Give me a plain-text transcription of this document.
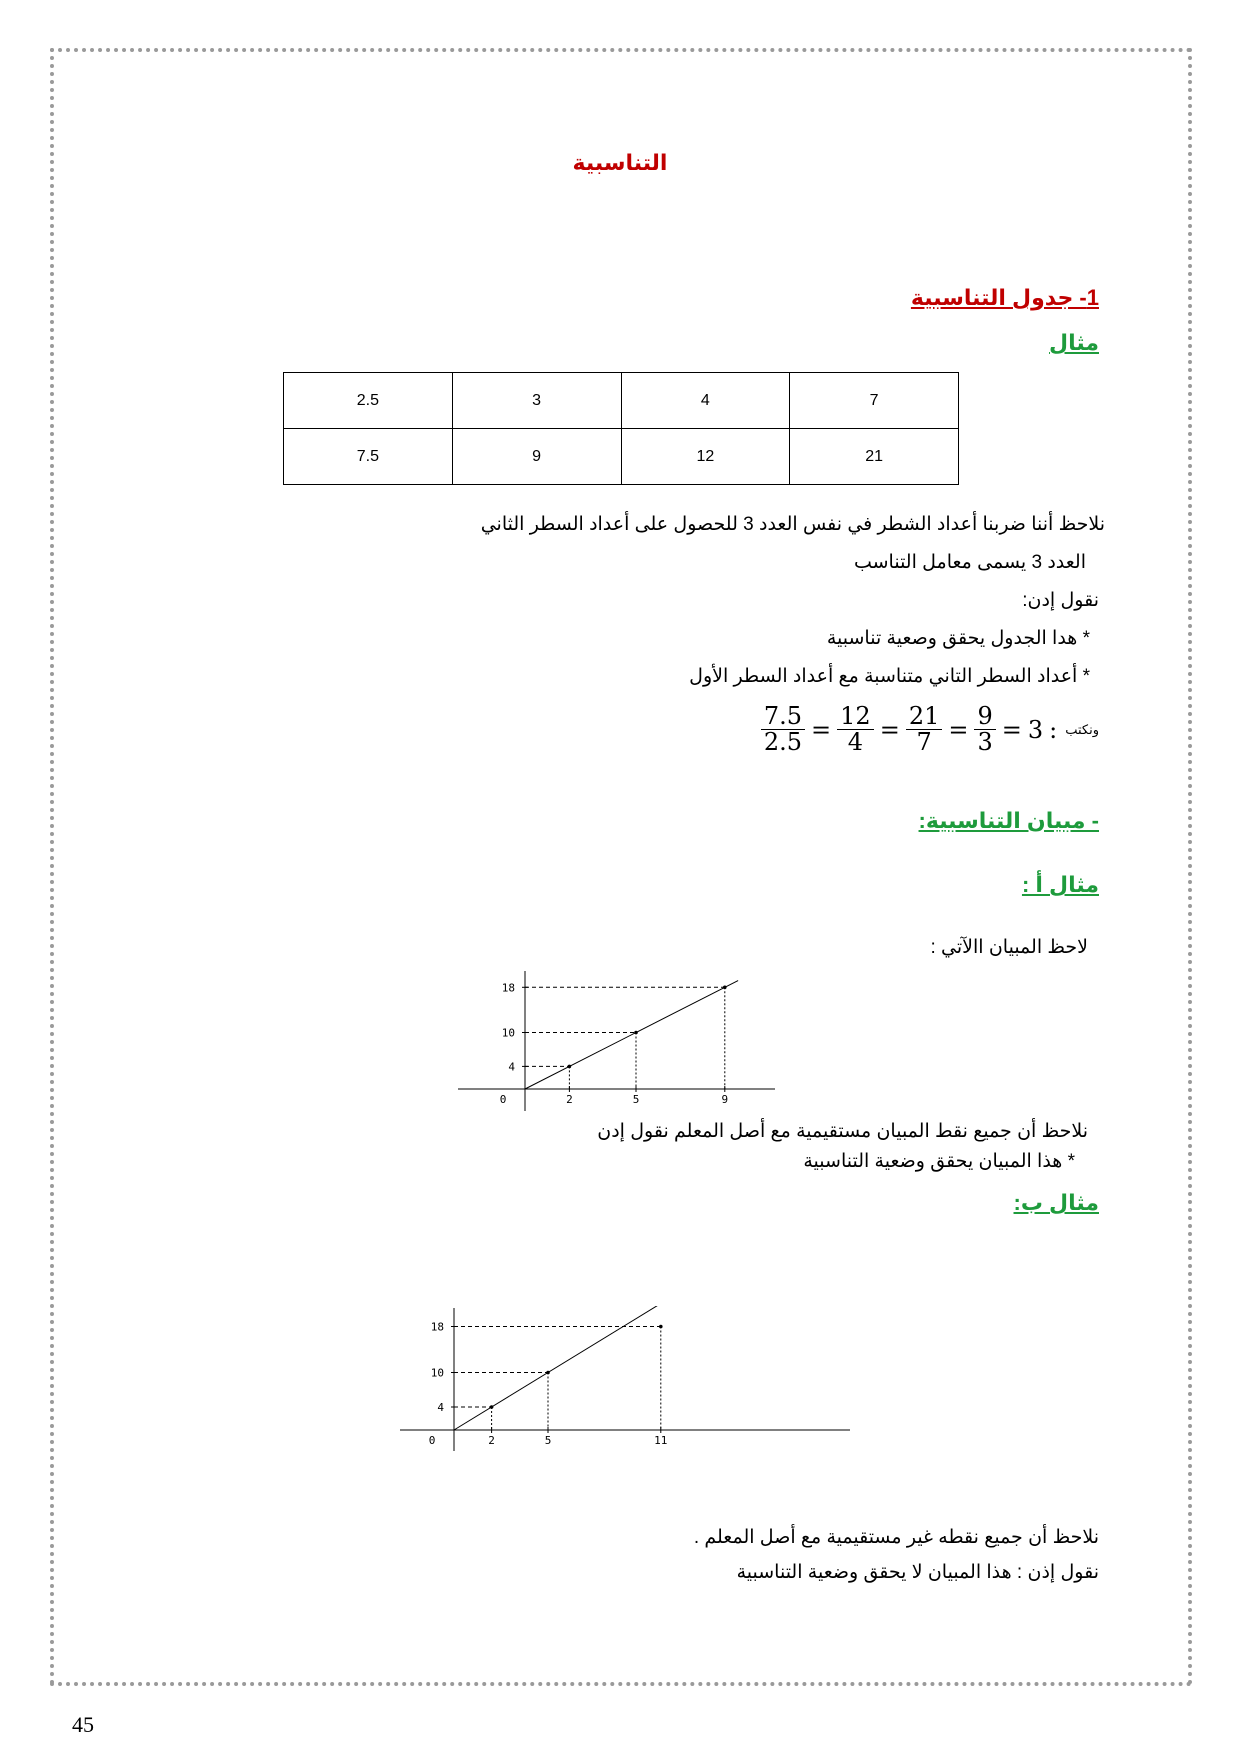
التناسبية
1- جدول التناسبية
مثال
2.5	3	4	7
7.5	9	12	21
نلاحظ أننا ضربنا أعداد الشطر في نفس العدد 3 للحصول على أعداد السطر الثاني
العدد 3 يسمى معامل التناسب
نقول إدن:
* هدا الجدول يحقق وصعية تناسبية
* أعداد السطر التاني متناسبة مع أعداد السطر الأول
$\frac{7.5}{2.5} = \frac{12}{4} = \frac{21}{7} = \frac{9}{3} = 3$ : ونكتب
- مبيان التناسبية:
مثال أ :
لاحظ المبيان االآتي :
4
10
18
0	2	5	9
نلاحظ أن جميع نقط المبيان مستقيمية مع أصل المعلم نقول إدن
* هذا المبيان يحقق وضعية التناسبية
مثال ب:
4
10
18
0	2	5	11
نلاحظ أن جميع نقطه غير مستقيمية مع أصل المعلم .
نقول إذن : هذا المبيان لا يحقق وضعية التناسبية
45
